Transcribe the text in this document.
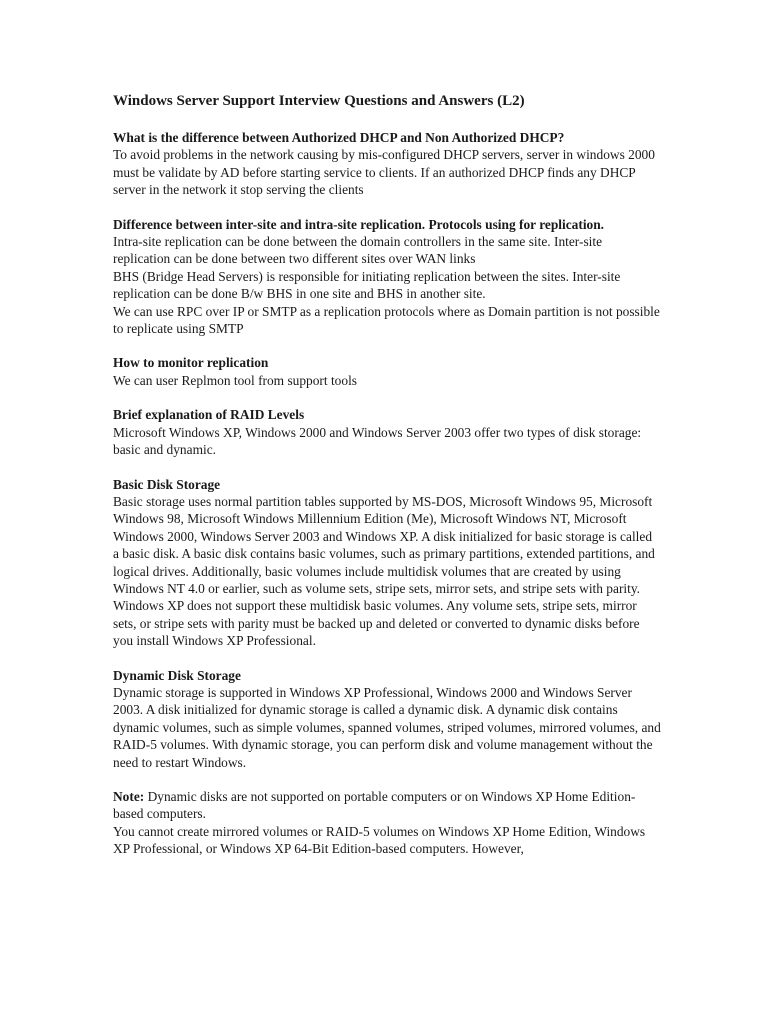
Windows Server Support Interview Questions and Answers (L2)

What is the difference between Authorized DHCP and Non Authorized DHCP?

To avoid problems in the network causing by mis-configured DHCP servers, server in windows 2000 must be validate by AD before starting service to clients. If an authorized DHCP finds any DHCP server in the network it stop serving the clients

Difference between inter-site and intra-site replication. Protocols using for replication.

Intra-site replication can be done between the domain controllers in the same site. Inter-site replication can be done between two different sites over WAN links

BHS (Bridge Head Servers) is responsible for initiating replication between the sites. Inter-site replication can be done B/w BHS in one site and BHS in another site.

We can use RPC over IP or SMTP as a replication protocols where as Domain partition is not possible to replicate using SMTP

How to monitor replication

We can user Replmon tool from support tools

Brief explanation of RAID Levels

Microsoft Windows XP, Windows 2000 and Windows Server 2003 offer two types of disk storage: basic and dynamic.

Basic Disk Storage

Basic storage uses normal partition tables supported by MS-DOS, Microsoft Windows 95, Microsoft Windows 98, Microsoft Windows Millennium Edition (Me), Microsoft Windows NT, Microsoft Windows 2000, Windows Server 2003 and Windows XP. A disk initialized for basic storage is called a basic disk. A basic disk contains basic volumes, such as primary partitions, extended partitions, and logical drives. Additionally, basic volumes include multidisk volumes that are created by using Windows NT 4.0 or earlier, such as volume sets, stripe sets, mirror sets, and stripe sets with parity. Windows XP does not support these multidisk basic volumes. Any volume sets, stripe sets, mirror sets, or stripe sets with parity must be backed up and deleted or converted to dynamic disks before you install Windows XP Professional.

Dynamic Disk Storage

Dynamic storage is supported in Windows XP Professional, Windows 2000 and Windows Server 2003. A disk initialized for dynamic storage is called a dynamic disk. A dynamic disk contains dynamic volumes, such as simple volumes, spanned volumes, striped volumes, mirrored volumes, and RAID-5 volumes. With dynamic storage, you can perform disk and volume management without the need to restart Windows.

Note: Dynamic disks are not supported on portable computers or on Windows XP Home Edition-based computers.

You cannot create mirrored volumes or RAID-5 volumes on Windows XP Home Edition, Windows XP Professional, or Windows XP 64-Bit Edition-based computers. However,
